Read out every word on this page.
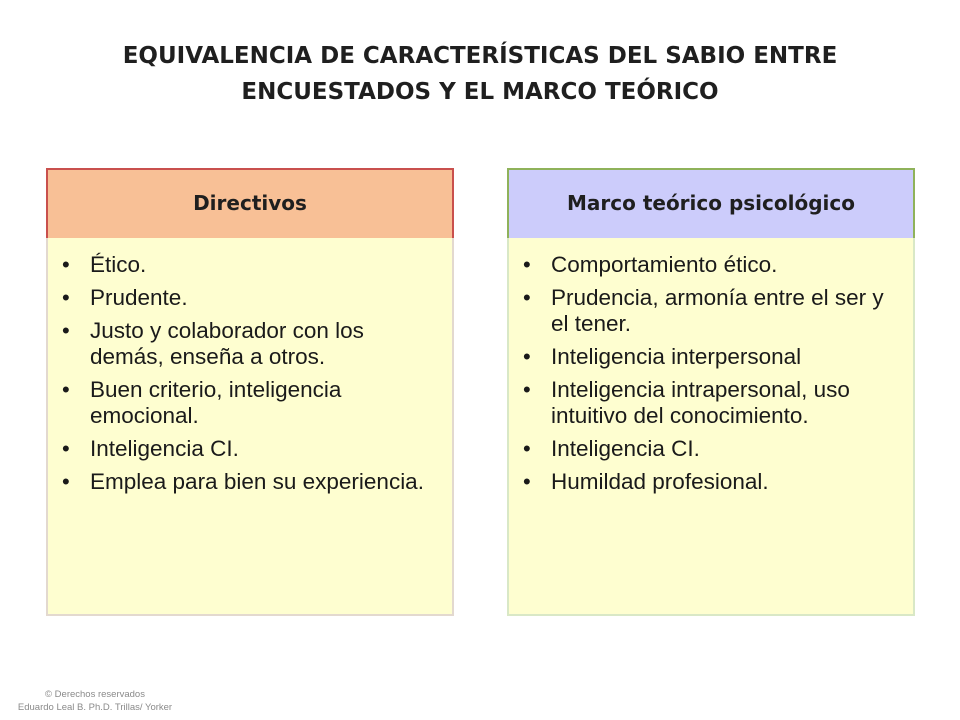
EQUIVALENCIA DE CARACTERÍSTICAS DEL SABIO ENTRE
ENCUESTADOS Y EL MARCO TEÓRICO
Directivos
• Ético.
• Prudente.
• Justo y colaborador con los demás, enseña a otros.
• Buen criterio, inteligencia emocional.
• Inteligencia CI.
• Emplea para bien su experiencia.
Marco teórico psicológico
• Comportamiento ético.
• Prudencia, armonía entre el ser y el tener.
• Inteligencia interpersonal
• Inteligencia intrapersonal, uso intuitivo del conocimiento.
• Inteligencia CI.
• Humildad profesional.
© Derechos reservados
Eduardo Leal B. Ph.D. Trillas/ Yorker
